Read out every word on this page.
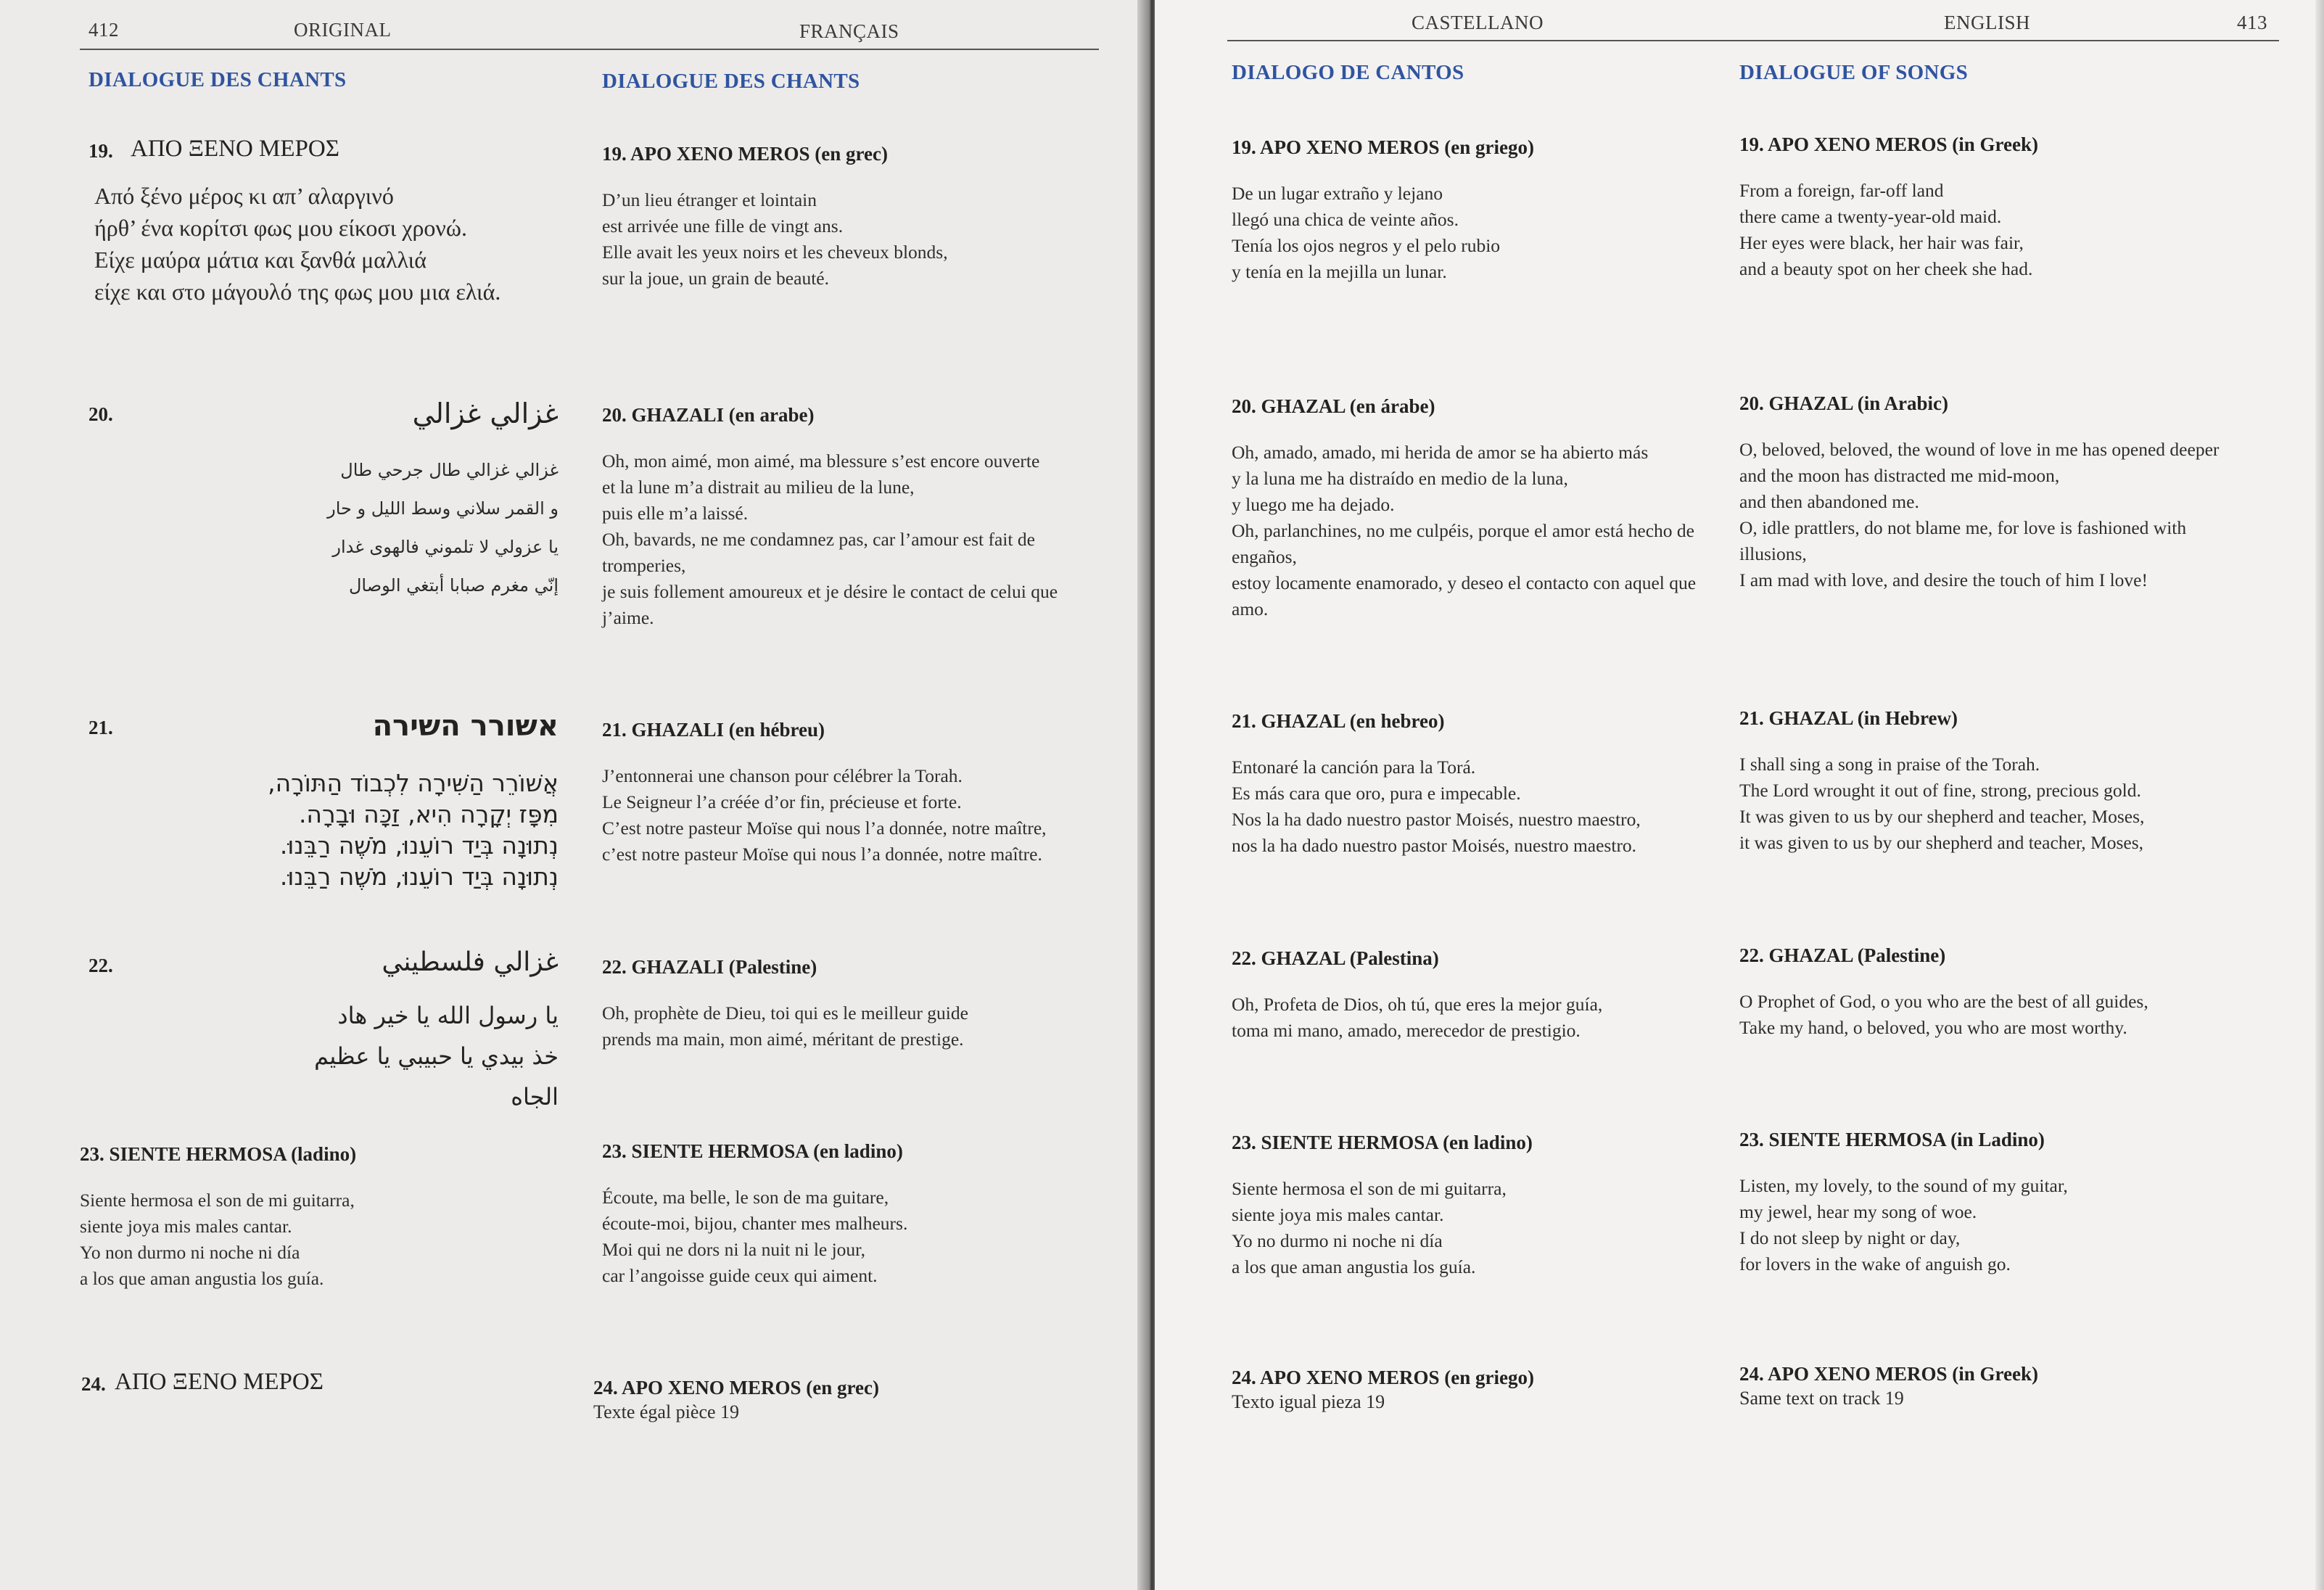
412	ORIGINAL	FRANÇAIS
DIALOGUE DES CHANTS	DIALOGUE DES CHANTS
19. ΑΠΟ ΞΕΝΟ ΜΕΡΟΣ
Από ξένο μέρος κι απ’ αλαργινό
ήρθ’ ένα κορίτσι φως μου είκοσι χρονώ.
Είχε μαύρα μάτια και ξανθά μαλλιά
είχε και στο μάγουλό της φως μου μια ελιά.
20.	غزالي غزالي
غزالي غزالي طال جرحي طال
و القمر سلاني وسط الليل و حار
يا عزولي لا تلموني فالهوى غدار
إنّي مغرم صبابا أبتغي الوصال
21.	אשורר השירה
אֲשׁוֹרֵר הַשִּׁירָה לִכְבוֹד הַתּוֹרָה,
מִפָּז יְקָרָה הִיא, זַכָּה וּבָרָה.
נְתוּנָה בְּיַד רוֹעֵנוּ, מֹשֶׁה רַבֵּנוּ.
נְתוּנָה בְּיַד רוֹעֵנוּ, מֹשֶׁה רַבֵּנוּ.
22.	غزالي فلسطيني
يا رسول الله يا خير هاد
خذ بيدي يا حبيبي يا عظيم الجاه
23. SIENTE HERMOSA (ladino)
Siente hermosa el son de mi guitarra,
siente joya mis males cantar.
Yo non durmo ni noche ni día
a los que aman angustia los guía.
24. ΑΠΟ ΞΕΝΟ ΜΕΡΟΣ
19. APO XENO MEROS (en grec)
D’un lieu étranger et lointain
est arrivée une fille de vingt ans.
Elle avait les yeux noirs et les cheveux blonds,
sur la joue, un grain de beauté.
20. GHAZALI (en arabe)
Oh, mon aimé, mon aimé, ma blessure s’est encore ouverte
et la lune m’a distrait au milieu de la lune,
puis elle m’a laissé.
Oh, bavards, ne me condamnez pas, car l’amour est fait de tromperies,
je suis follement amoureux et je désire le contact de celui que j’aime.
21. GHAZALI (en hébreu)
J’entonnerai une chanson pour célébrer la Torah.
Le Seigneur l’a créée d’or fin, précieuse et forte.
C’est notre pasteur Moïse qui nous l’a donnée, notre maître,
c’est notre pasteur Moïse qui nous l’a donnée, notre maître.
22. GHAZALI (Palestine)
Oh, prophète de Dieu, toi qui es le meilleur guide
prends ma main, mon aimé, méritant de prestige.
23. SIENTE HERMOSA (en ladino)
Écoute, ma belle, le son de ma guitare,
écoute-moi, bijou, chanter mes malheurs.
Moi qui ne dors ni la nuit ni le jour,
car l’angoisse guide ceux qui aiment.
24. APO XENO MEROS (en grec)
Texte égal pièce 19
CASTELLANO	ENGLISH	413
DIALOGO DE CANTOS	DIALOGUE OF SONGS
19. APO XENO MEROS (en griego)
De un lugar extraño y lejano
llegó una chica de veinte años.
Tenía los ojos negros y el pelo rubio
y tenía en la mejilla un lunar.
20. GHAZAL (en árabe)
Oh, amado, amado, mi herida de amor se ha abierto más
y la luna me ha distraído en medio de la luna,
y luego me ha dejado.
Oh, parlanchines, no me culpéis, porque el amor está hecho de engaños,
estoy locamente enamorado, y deseo el contacto con aquel que amo.
21. GHAZAL (en hebreo)
Entonaré la canción para la Torá.
Es más cara que oro, pura e impecable.
Nos la ha dado nuestro pastor Moisés, nuestro maestro,
nos la ha dado nuestro pastor Moisés, nuestro maestro.
22. GHAZAL (Palestina)
Oh, Profeta de Dios, oh tú, que eres la mejor guía,
toma mi mano, amado, merecedor de prestigio.
23. SIENTE HERMOSA (en ladino)
Siente hermosa el son de mi guitarra,
siente joya mis males cantar.
Yo no durmo ni noche ni día
a los que aman angustia los guía.
24. APO XENO MEROS (en griego)
Texto igual pieza 19
19. APO XENO MEROS (in Greek)
From a foreign, far-off land
there came a twenty-year-old maid.
Her eyes were black, her hair was fair,
and a beauty spot on her cheek she had.
20. GHAZAL (in Arabic)
O, beloved, beloved, the wound of love in me has opened deeper
and the moon has distracted me mid-moon,
and then abandoned me.
O, idle prattlers, do not blame me, for love is fashioned with illusions,
I am mad with love, and desire the touch of him I love!
21. GHAZAL (in Hebrew)
I shall sing a song in praise of the Torah.
The Lord wrought it out of fine, strong, precious gold.
It was given to us by our shepherd and teacher, Moses,
it was given to us by our shepherd and teacher, Moses,
22. GHAZAL (Palestine)
O Prophet of God, o you who are the best of all guides,
Take my hand, o beloved, you who are most worthy.
23. SIENTE HERMOSA (in Ladino)
Listen, my lovely, to the sound of my guitar,
my jewel, hear my song of woe.
I do not sleep by night or day,
for lovers in the wake of anguish go.
24. APO XENO MEROS (in Greek)
Same text on track 19
